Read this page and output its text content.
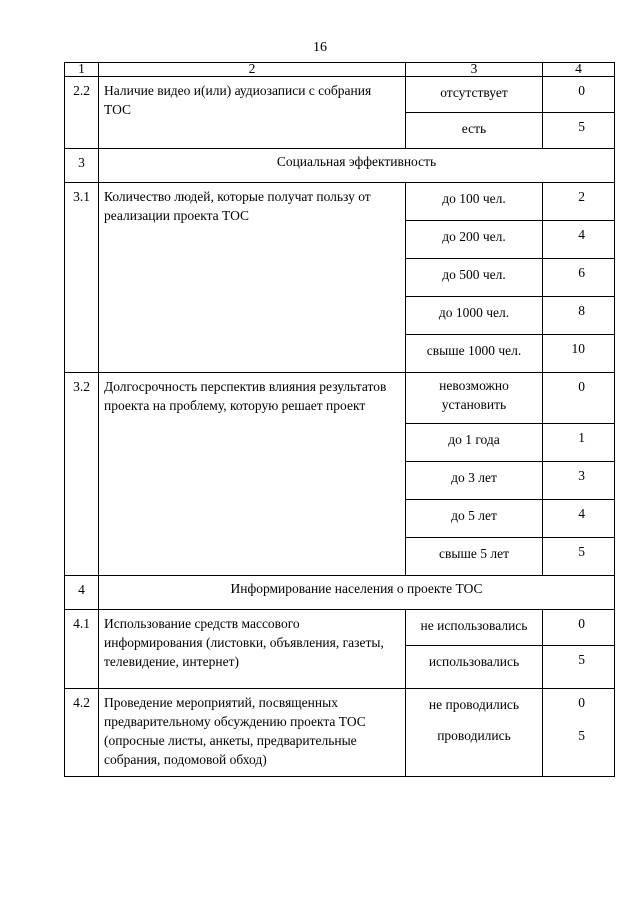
16
1	2	3	4
2.2	Наличие видео и(или) аудиозаписи с собрания ТОС	отсутствует	0
		есть	5
3	Социальная эффективность		
3.1	Количество людей, которые получат пользу от реализации проекта ТОС	до 100 чел.	2
		до 200 чел.	4
		до 500 чел.	6
		до 1000 чел.	8
		свыше 1000 чел.	10
3.2	Долгосрочность перспектив влияния результатов проекта на проблему, которую решает проект	невозможно установить	0
		до 1 года	1
		до 3 лет	3
		до 5 лет	4
		свыше 5 лет	5
4	Информирование населения о проекте ТОС		
4.1	Использование средств массового информирования (листовки, объявления, газеты, телевидение, интернет)	не использовались	0
		использовались	5
4.2	Проведение мероприятий, посвященных предварительному обсуждению проекта ТОС (опросные листы, анкеты, предварительные собрания, подомовой обход)	не проводились	0
		проводились	5
